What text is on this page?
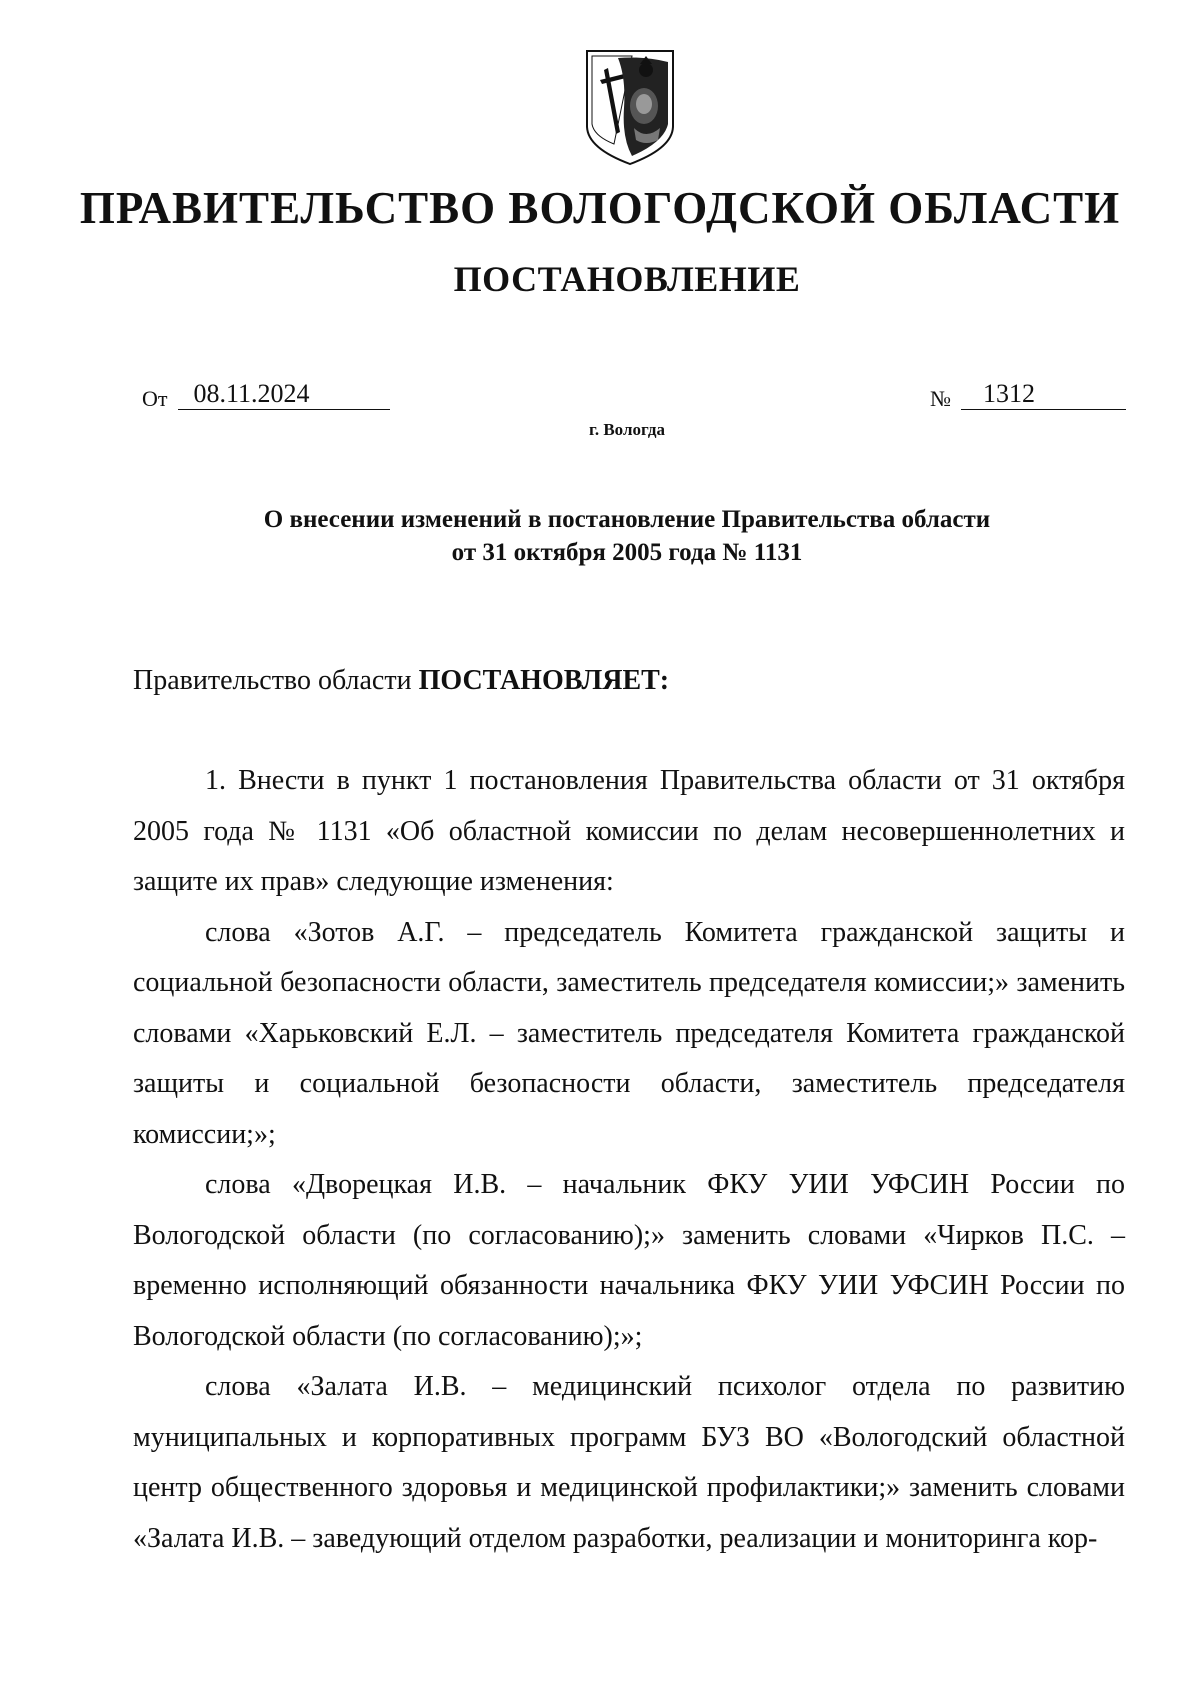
ПРАВИТЕЛЬСТВО ВОЛОГОДСКОЙ ОБЛАСТИ
ПОСТАНОВЛЕНИЕ
От	08.11.2024	№	1312
г. Вологда
О внесении изменений в постановление Правительства области
от 31 октября 2005 года № 1131
Правительство области ПОСТАНОВЛЯЕТ:

1. Внести в пункт 1 постановления Правительства области от 31 октября 2005 года № 1131 «Об областной комиссии по делам несовершеннолетних и защите их прав» следующие изменения:

слова «Зотов А.Г. – председатель Комитета гражданской защиты и социальной безопасности области, заместитель председателя комиссии;» заменить словами «Харьковский Е.Л. – заместитель председателя Комитета гражданской защиты и социальной безопасности области, заместитель председателя комиссии;»;

слова «Дворецкая И.В. – начальник ФКУ УИИ УФСИН России по Вологодской области (по согласованию);» заменить словами «Чирков П.С. – временно исполняющий обязанности начальника ФКУ УИИ УФСИН России по Вологодской области (по согласованию);»;

слова «Залата И.В. – медицинский психолог отдела по развитию муниципальных и корпоративных программ БУЗ ВО «Вологодский областной центр общественного здоровья и медицинской профилактики;» заменить словами «Залата И.В. – заведующий отделом разработки, реализации и мониторинга кор-
